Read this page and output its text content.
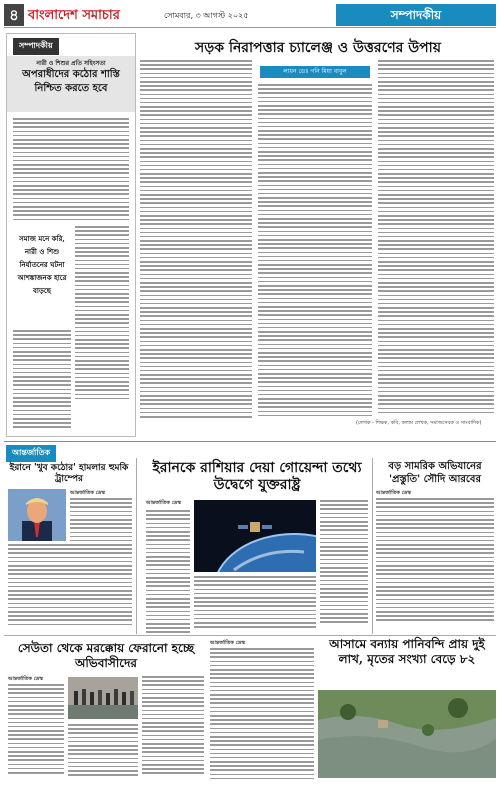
৪ বাংলাদেশ সমাচার	সোমবার, ৩ আগস্ট ২০২৫	সম্পাদকীয়
সম্পাদকীয়
নারী ও শিশুর প্রতি সহিংসতা
অপরাধীদের কঠোর শাস্তি নিশ্চিত করতে হবে
সমাজ মনে করি, নারী ও শিশু নির্যাতনের ঘটনা আশঙ্কাজনক হারে বাড়ছে
সড়ক নিরাপত্তার চ্যালেঞ্জ ও উত্তরণের উপায়
লায়ন ডেঃ গনি মিয়া বাবুল
(লেখক - শিক্ষক, কবি, কলাম লেখক, সমাজসেবক ও সাংবাদিক)
আন্তর্জাতিক
ইরানে 'খুব কঠোর' হামলার হুমকি ট্রাম্পের
আন্তর্জাতিক ডেস্ক
ইরানকে রাশিয়ার দেয়া গোয়েন্দা তথ্যে উদ্বেগে যুক্তরাষ্ট্র
আন্তর্জাতিক ডেস্ক
বড় সামরিক অভিযানের 'প্রস্তুতি' সৌদি আরবের
আন্তর্জাতিক ডেস্ক
সেউতা থেকে মরক্কোয় ফেরানো হচ্ছে অভিবাসীদের
আন্তর্জাতিক ডেস্ক
আন্তর্জাতিক ডেস্ক	আসামে বন্যায় পানিবন্দি প্রায় দুই লাখ, মৃতের সংখ্যা বেড়ে ৮২
